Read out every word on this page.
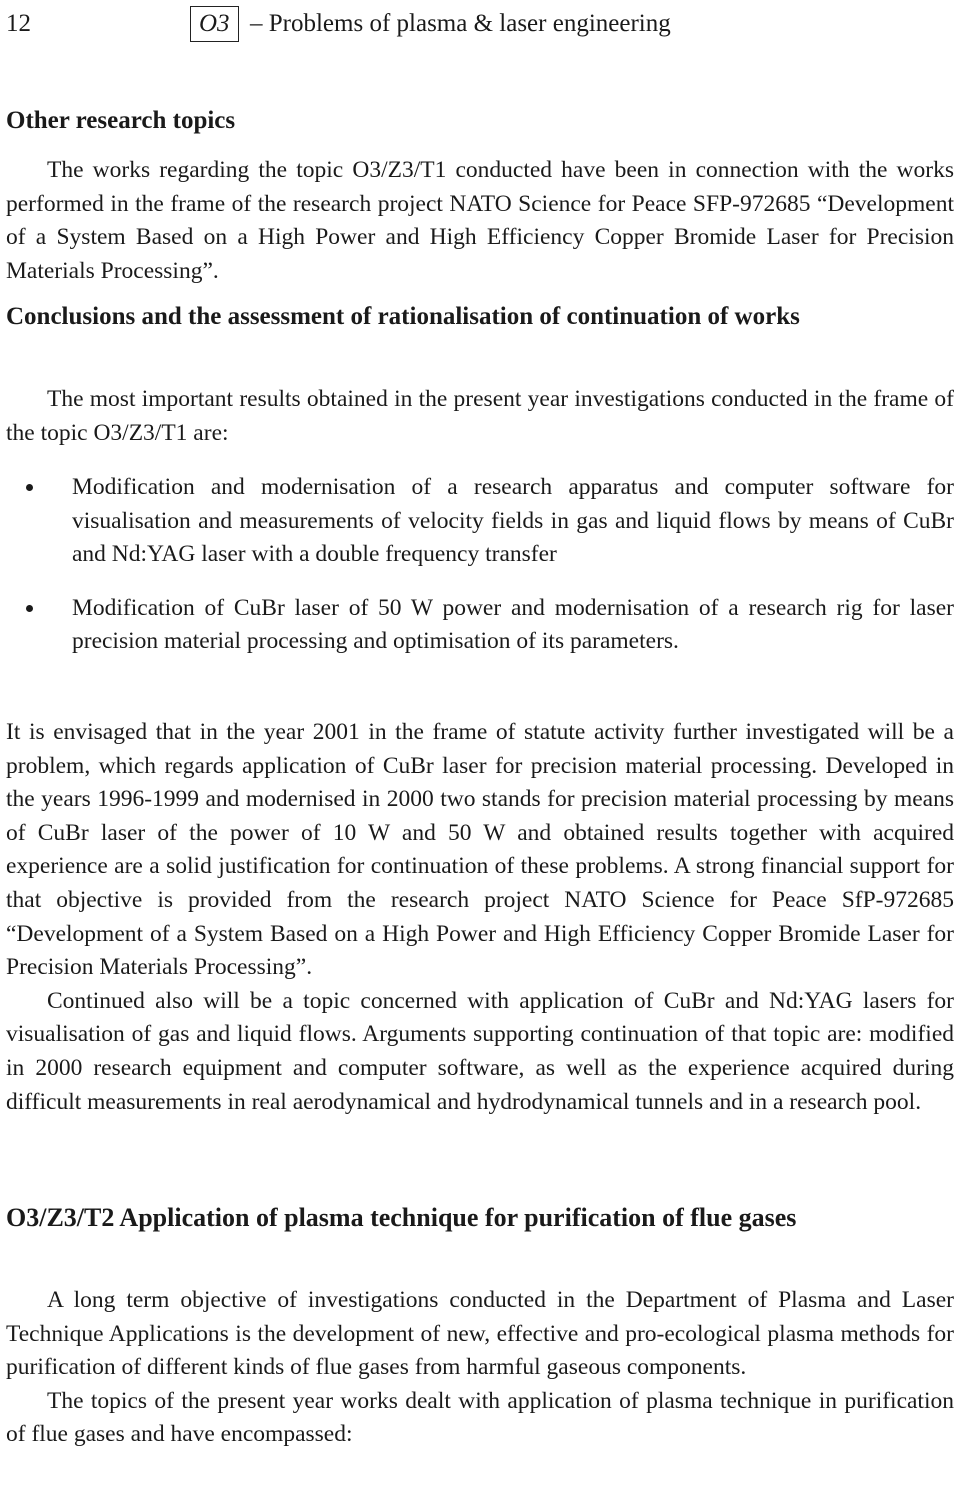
12	O3 – Problems of plasma & laser engineering
Other research topics

The works regarding the topic O3/Z3/T1 conducted have been in connection with the works performed in the frame of the research project NATO Science for Peace SFP-972685 “Development of a System Based on a High Power and High Efficiency Copper Bromide Laser for Precision Materials Processing”.

Conclusions and the assessment of rationalisation of continuation of works

The most important results obtained in the present year investigations conducted in the frame of the topic O3/Z3/T1 are:

Modification and modernisation of a research apparatus and computer software for visualisation and measurements of velocity fields in gas and liquid flows by means of CuBr and Nd:YAG laser with a double frequency transfer

Modification of CuBr laser of 50 W power and modernisation of a research rig for laser precision material processing and optimisation of its parameters.

It is envisaged that in the year 2001 in the frame of statute activity further investigated will be a problem, which regards application of CuBr laser for precision material processing. Developed in the years 1996-1999 and modernised in 2000 two stands for precision material processing by means of CuBr laser of the power of 10 W and 50 W and obtained results together with acquired experience are a solid justification for continuation of these problems. A strong financial support for that objective is provided from the research project NATO Science for Peace SfP-972685 “Development of a System Based on a High Power and High Efficiency Copper Bromide Laser for Precision Materials Processing”.

Continued also will be a topic concerned with application of CuBr and Nd:YAG lasers for visualisation of gas and liquid flows. Arguments supporting continuation of that topic are: modified in 2000 research equipment and computer software, as well as the experience acquired during difficult measurements in real aerodynamical and hydrodynamical tunnels and in a research pool.

O3/Z3/T2 Application of plasma technique for purification of flue gases

A long term objective of investigations conducted in the Department of Plasma and Laser Technique Applications is the development of new, effective and pro-ecological plasma methods for purification of different kinds of flue gases from harmful gaseous components.

The topics of the present year works dealt with application of plasma technique in purification of flue gases and have encompassed:
